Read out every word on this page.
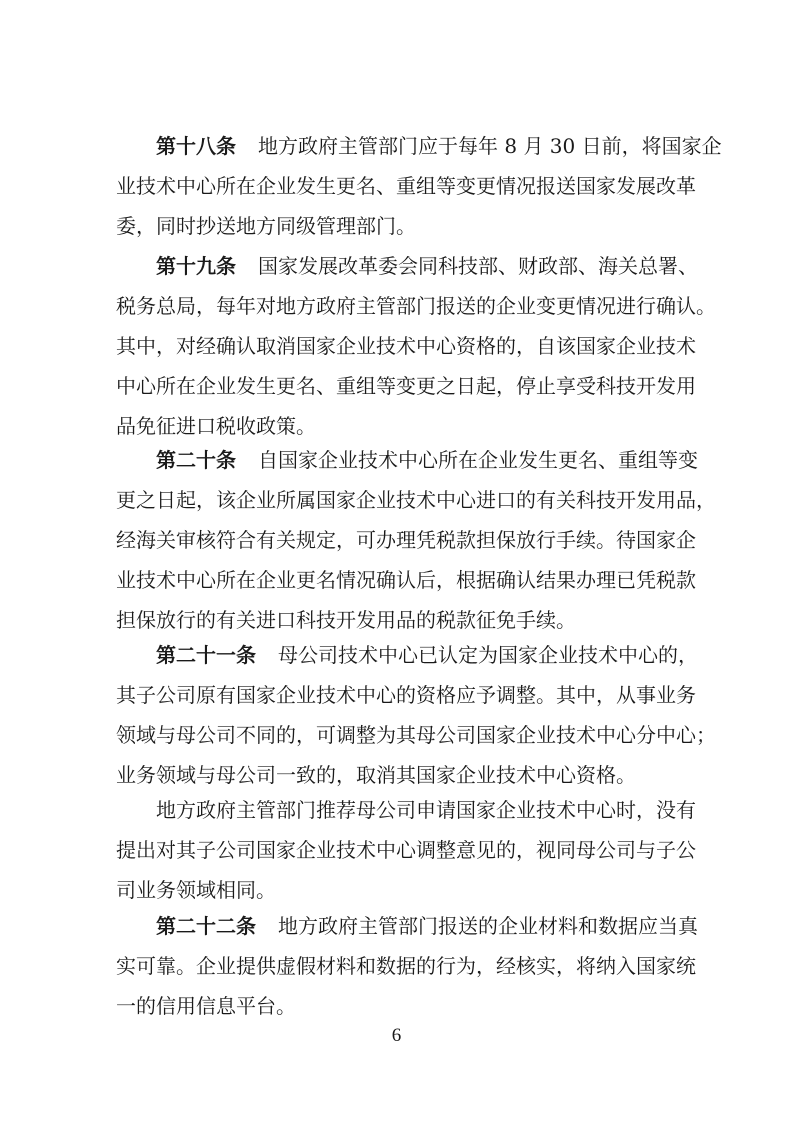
第十八条 地方政府主管部门应于每年 8 月 30 日前，将国家企
业技术中心所在企业发生更名、重组等变更情况报送国家发展改革
委，同时抄送地方同级管理部门。
第十九条 国家发展改革委会同科技部、财政部、海关总署、
税务总局，每年对地方政府主管部门报送的企业变更情况进行确认。
其中，对经确认取消国家企业技术中心资格的，自该国家企业技术
中心所在企业发生更名、重组等变更之日起，停止享受科技开发用
品免征进口税收政策。
第二十条 自国家企业技术中心所在企业发生更名、重组等变
更之日起，该企业所属国家企业技术中心进口的有关科技开发用品，
经海关审核符合有关规定，可办理凭税款担保放行手续。待国家企
业技术中心所在企业更名情况确认后，根据确认结果办理已凭税款
担保放行的有关进口科技开发用品的税款征免手续。
第二十一条 母公司技术中心已认定为国家企业技术中心的，
其子公司原有国家企业技术中心的资格应予调整。其中，从事业务
领域与母公司不同的，可调整为其母公司国家企业技术中心分中心；
业务领域与母公司一致的，取消其国家企业技术中心资格。
地方政府主管部门推荐母公司申请国家企业技术中心时，没有
提出对其子公司国家企业技术中心调整意见的，视同母公司与子公
司业务领域相同。
第二十二条 地方政府主管部门报送的企业材料和数据应当真
实可靠。企业提供虚假材料和数据的行为，经核实，将纳入国家统
一的信用信息平台。
6
